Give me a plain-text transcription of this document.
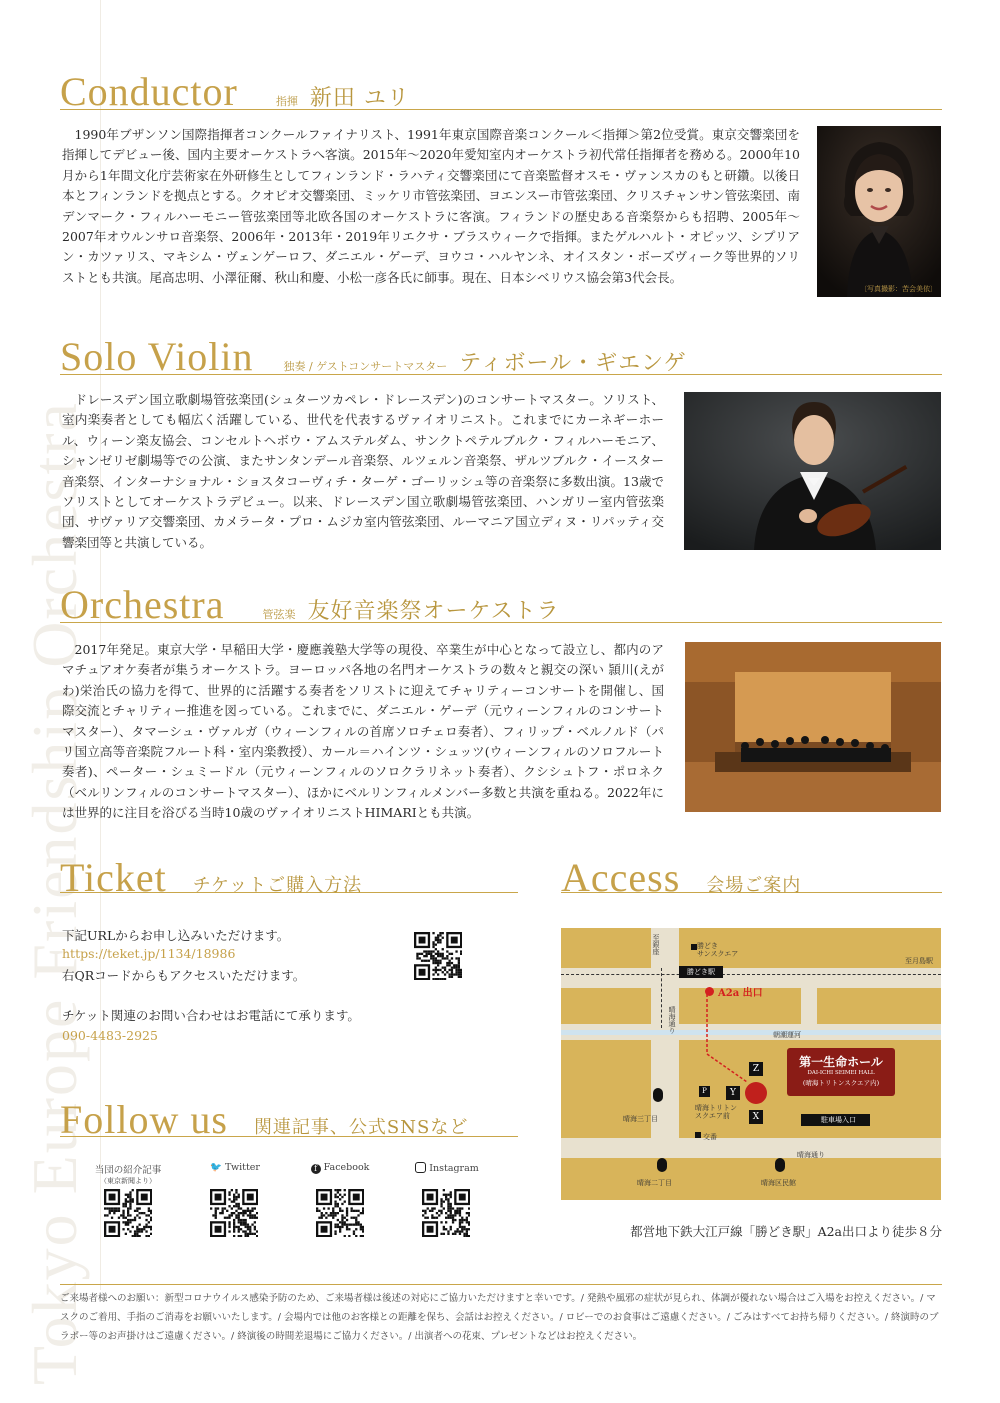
Tokyo Europe Friendship Orchestra
Conductor	指揮 新田 ユリ

1990年ブザンソン国際指揮者コンクールファイナリスト、1991年東京国際音楽コンクール＜指揮＞第2位受賞。東京交響楽団を指揮してデビュー後、国内主要オーケストラへ客演。2015年〜2020年愛知室内オーケストラ初代常任指揮者を務める。2000年10月から1年間文化庁芸術家在外研修生としてフィンランド・ラハティ交響楽団にて音楽監督オスモ・ヴァンスカのもと研鑽。以後日本とフィンランドを拠点とする。クオピオ交響楽団、ミッケリ市管弦楽団、ヨエンスー市管弦楽団、クリスチャンサン管弦楽団、南デンマーク・フィルハーモニー管弦楽団等北欧各国のオーケストラに客演。フィランドの歴史ある音楽祭からも招聘、2005年〜2007年オウルンサロ音楽祭、2006年・2013年・2019年リエクサ・ブラスウィークで指揮。またゲルハルト・オピッツ、シプリアン・カツァリス、マキシム・ヴェンゲーロフ、ダニエル・ゲーデ、ヨウコ・ハルヤンネ、オイスタン・ボーズヴィーク等世界的ソリストとも共演。尾高忠明、小澤征爾、秋山和慶、小松一彦各氏に師事。現在、日本シベリウス協会第3代会長。

〔写真撮影：苦会美依〕
Solo Violin	独奏 / ゲストコンサートマスター ティボール・ギエンゲ

ドレースデン国立歌劇場管弦楽団(シュターツカペレ・ドレースデン)のコンサートマスター。ソリスト、室内楽奏者としても幅広く活躍している、世代を代表するヴァイオリニスト。これまでにカーネギーホール、ウィーン楽友協会、コンセルトヘボウ・アムステルダム、サンクトペテルブルク・フィルハーモニア、シャンゼリゼ劇場等での公演、またサンタンデール音楽祭、ルツェルン音楽祭、ザルツブルク・イースター音楽祭、インターナショナル・ショスタコーヴィチ・ターゲ・ゴーリッシュ等の音楽祭に多数出演。13歳でソリストとしてオーケストラデビュー。以来、ドレースデン国立歌劇場管弦楽団、ハンガリー室内管弦楽団、サヴァリア交響楽団、カメラータ・プロ・ムジカ室内管弦楽団、ルーマニア国立ディヌ・リパッティ交響楽団等と共演している。

Orchestra	管弦楽 友好音楽祭オーケストラ

2017年発足。東京大学・早稲田大学・慶應義塾大学等の現役、卒業生が中心となって設立し、都内のアマチュアオケ奏者が集うオーケストラ。ヨーロッパ各地の名門オーケストラの数々と親交の深い 頴川(えがわ)栄治氏の協力を得て、世界的に活躍する奏者をソリストに迎えてチャリティーコンサートを開催し、国際交流とチャリティー推進を図っている。これまでに、ダニエル・ゲーデ（元ウィーンフィルのコンサートマスター）、タマーシュ・ヴァルガ（ウィーンフィルの首席ソロチェロ奏者）、フィリップ・ベルノルド（パリ国立高等音楽院フルート科・室内楽教授）、カール＝ハインツ・シュッツ(ウィーンフィルのソロフルート奏者)、ペーター・シュミードル（元ウィーンフィルのソロクラリネット奏者）、クシシュトフ・ポロネク（ベルリンフィルのコンサートマスター）、ほかにベルリンフィルメンバー多数と共演を重ねる。2022年には世界的に注目を浴びる当時10歳のヴァイオリニストHIMARIとも共演。

Ticket チケットご購入方法
下記URLからお申し込みいただけます。
https://teket.jp/1134/18986
右QRコードからもアクセスいただけます。
チケット関連のお問い合わせはお電話にて承ります。
090-4483-2925
Follow us 関連記事、公式SNSなど
当団の紹介記事
（東京新聞より）
🐦 Twitter	f Facebook	Instagram
Access 会場ご案内
勝どき駅
朝潮運河
勝どき
サンスクエア
至月島駅
至銀座
晴海通り
A2a 出口
第一生命ホール
DAI-ICHI SEIMEI HALL
(晴海トリトンスクエア内)
Z
Y
X
P
駐車場入口
晴海三丁目
晴海トリトン
スクエア前
交番
晴海通り
晴海二丁目	晴海区民館
都営地下鉄大江戸線「勝どき駅」A2a出口より徒歩８分
ご来場者様へのお願い：新型コロナウイルス感染予防のため、ご来場者様は後述の対応にご協力いただけますと幸いです。/ 発熱や風邪の症状が見られ、体調が優れない場合はご入場をお控えください。/ マスクのご着用、手指のご消毒をお願いいたします。/ 会場内では他のお客様との距離を保ち、会話はお控えください。/ ロビーでのお食事はご遠慮ください。/ ごみはすべてお持ち帰りください。/ 終演時のブラボー等のお声掛けはご遠慮ください。/ 終演後の時間差退場にご協力ください。/ 出演者への花束、プレゼントなどはお控えください。
